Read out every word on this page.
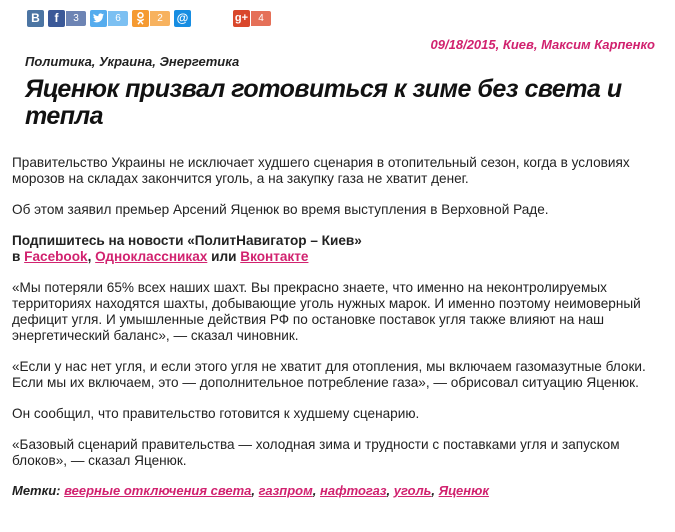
В	f	3	6	2	@	g+	4
09/18/2015, Киев, Максим Карпенко
Политика, Украина, Энергетика
Яценюк призвал готовиться к зиме без света и тепла

Правительство Украины не исключает худшего сценария в отопительный сезон, когда в условиях морозов на складах закончится уголь, а на закупку газа не хватит денег.

Об этом заявил премьер Арсений Яценюк во время выступления в Верховной Раде.

Подпишитесь на новости «ПолитНавигатор – Киев»
в Facebook, Одноклассниках или Вконтакте

«Мы потеряли 65% всех наших шахт. Вы прекрасно знаете, что именно на неконтролируемых территориях находятся шахты, добывающие уголь нужных марок. И именно поэтому неимоверный дефицит угля. И умышленные действия РФ по остановке поставок угля также влияют на наш энергетический баланс», — сказал чиновник.

«Если у нас нет угля, и если этого угля не хватит для отопления, мы включаем газомазутные блоки. Если мы их включаем, это — дополнительное потребление газа», — обрисовал ситуацию Яценюк.

Он сообщил, что правительство готовится к худшему сценарию.

«Базовый сценарий правительства — холодная зима и трудности с поставками угля и запуском блоков», — сказал Яценюк.

Метки: веерные отключения света, газпром, нафтогаз, уголь, Яценюк
